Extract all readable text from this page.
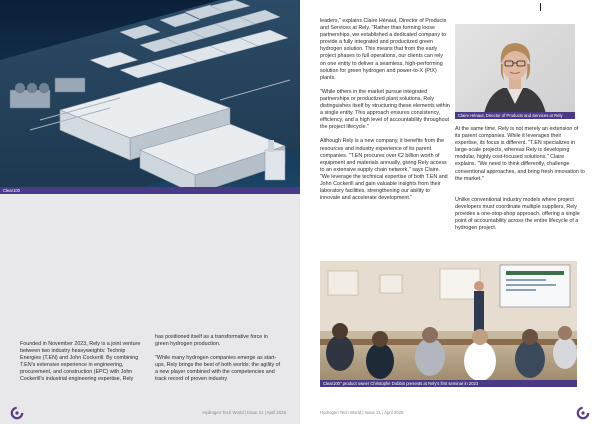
Clear100

Founded in November 2023, Rely is a joint venture between two industry heavyweights: Technip Energies (T.EN) and John Cockerill. By combining T.EN's extensive experience in engineering, procurement, and construction (EPC) with John Cockerill's industrial engineering expertise, Rely

has positioned itself as a transformative force in green hydrogen production.

"While many hydrogen companies emerge as start-ups, Rely brings the best of both worlds: the agility of a new player combined with the competencies and track record of proven industry

Hydrogen Tech World | Issue 21 | April 2025

leaders," explains Claire Hénaut, Director of Products and Services at Rely. "Rather than forming loose partnerships, we established a dedicated company to provide a fully integrated and productized green hydrogen solution. This means that from the early project phases to full operations, our clients can rely on one entity to deliver a seamless, high-performing solution for green hydrogen and power-to-X (PtX) plants.

"While others in the market pursue integrated partnerships or productized plant solutions, Rely distinguishes itself by structuring these elements within a single entity. This approach ensures consistency, efficiency, and a high level of accountability throughout the project lifecycle."

Although Rely is a new company, it benefits from the resources and industry experience of its parent companies. "T.EN procures over €2 billion worth of equipment and materials annually, giving Rely access to an extensive supply chain network," says Claire. "We leverage the technical expertise of both T.EN and John Cockerill and gain valuable insights from their laboratory facilities, strengthening our ability to innovate and accelerate development."

Claire Hénaut, Director of Products and Services at Rely

At the same time, Rely is not merely an extension of its parent companies. While it leverages their expertise, its focus is different. "T.EN specializes in large-scale projects, whereas Rely is developing modular, highly cost-focused solutions," Claire explains. "We need to think differently, challenge conventional approaches, and bring fresh innovation to the market."

Unlike conventional industry models where project developers must coordinate multiple suppliers, Rely provides a one-stop-shop approach, offering a single point of accountability across the entire lifecycle of a hydrogen project.

Clear100" product owner Christophe Dobbin presents at Rely's first seminar in 2023
Hydrogen Tech World | Issue 21 | April 2025
